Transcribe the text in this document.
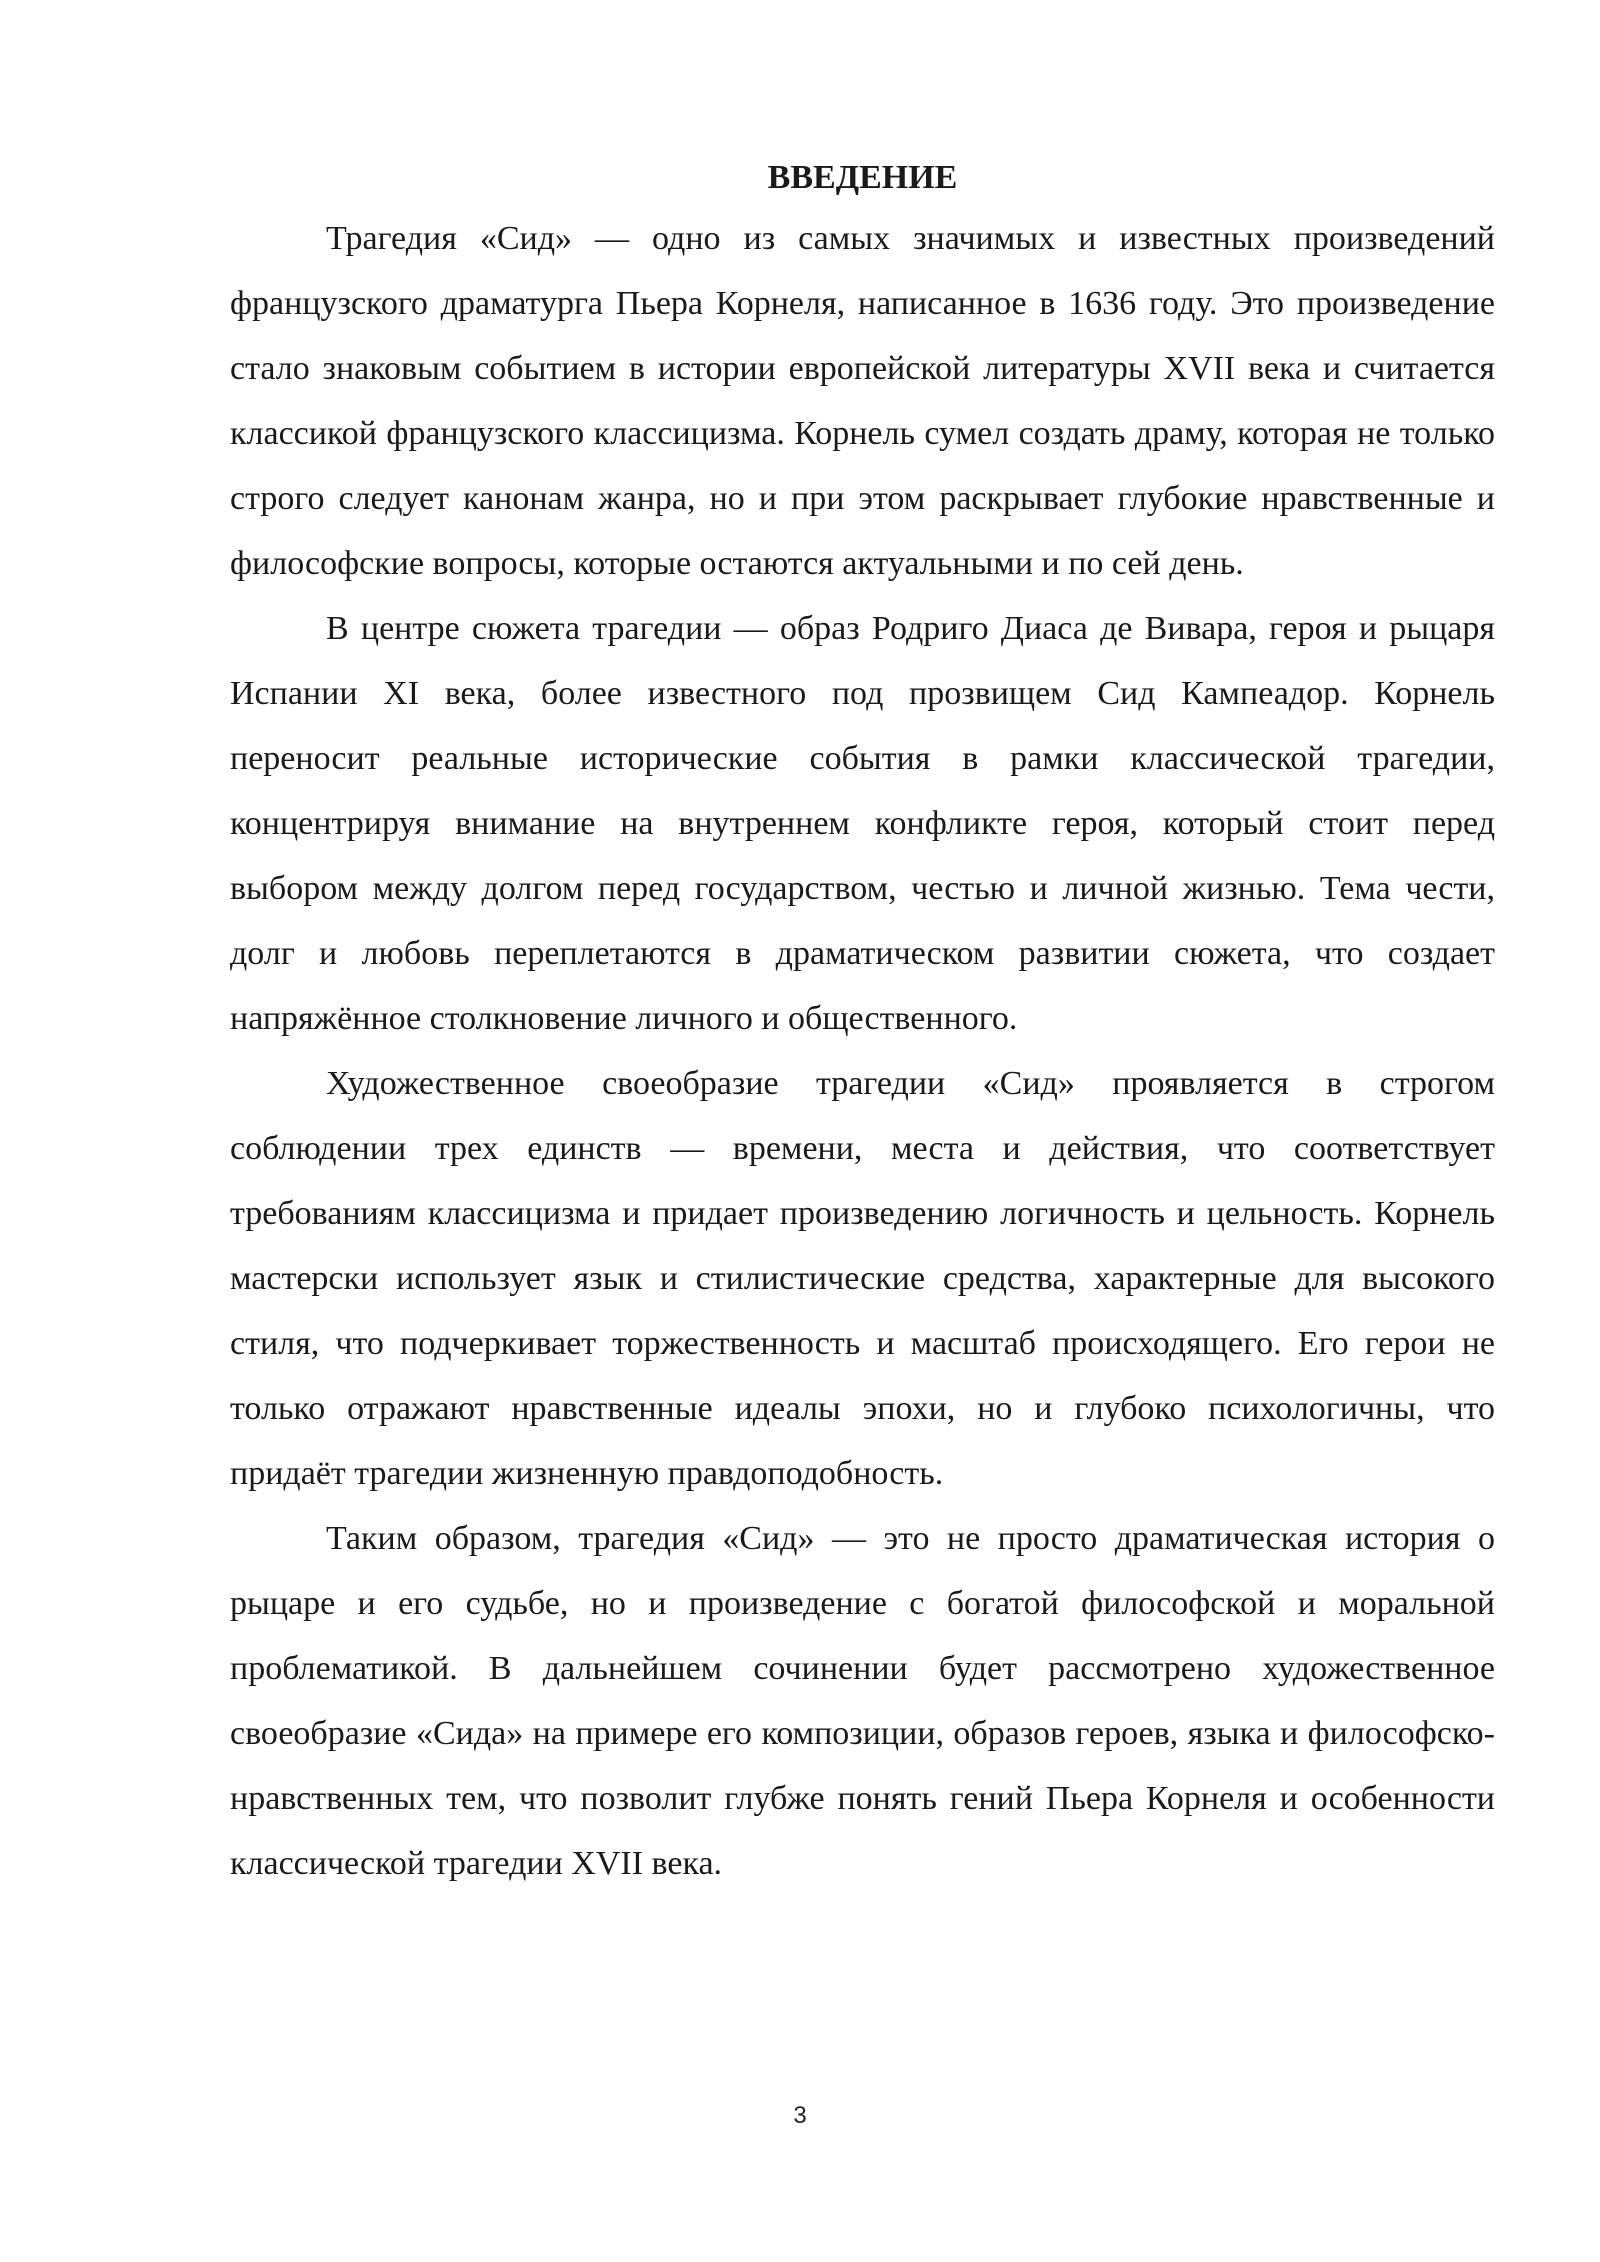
ВВЕДЕНИЕ

Трагедия «Сид» — одно из самых значимых и известных произведений французского драматурга Пьера Корнеля, написанное в 1636 году. Это произведение стало знаковым событием в истории европейской литературы XVII века и считается классикой французского классицизма. Корнель сумел создать драму, которая не только строго следует канонам жанра, но и при этом раскрывает глубокие нравственные и философские вопросы, которые остаются актуальными и по сей день.

В центре сюжета трагедии — образ Родриго Диаса де Вивара, героя и рыцаря Испании XI века, более известного под прозвищем Сид Кампеадор. Корнель переносит реальные исторические события в рамки классической трагедии, концентрируя внимание на внутреннем конфликте героя, который стоит перед выбором между долгом перед государством, честью и личной жизнью. Тема чести, долг и любовь переплетаются в драматическом развитии сюжета, что создает напряжённое столкновение личного и общественного.

Художественное своеобразие трагедии «Сид» проявляется в строгом соблюдении трех единств — времени, места и действия, что соответствует требованиям классицизма и придает произведению логичность и цельность. Корнель мастерски использует язык и стилистические средства, характерные для высокого стиля, что подчеркивает торжественность и масштаб происходящего. Его герои не только отражают нравственные идеалы эпохи, но и глубоко психологичны, что придаёт трагедии жизненную правдоподобность.

Таким образом, трагедия «Сид» — это не просто драматическая история о рыцаре и его судьбе, но и произведение с богатой философской и моральной проблематикой. В дальнейшем сочинении будет рассмотрено художественное своеобразие «Сида» на примере его композиции, образов героев, языка и философско-нравственных тем, что позволит глубже понять гений Пьера Корнеля и особенности классической трагедии XVII века.

3
